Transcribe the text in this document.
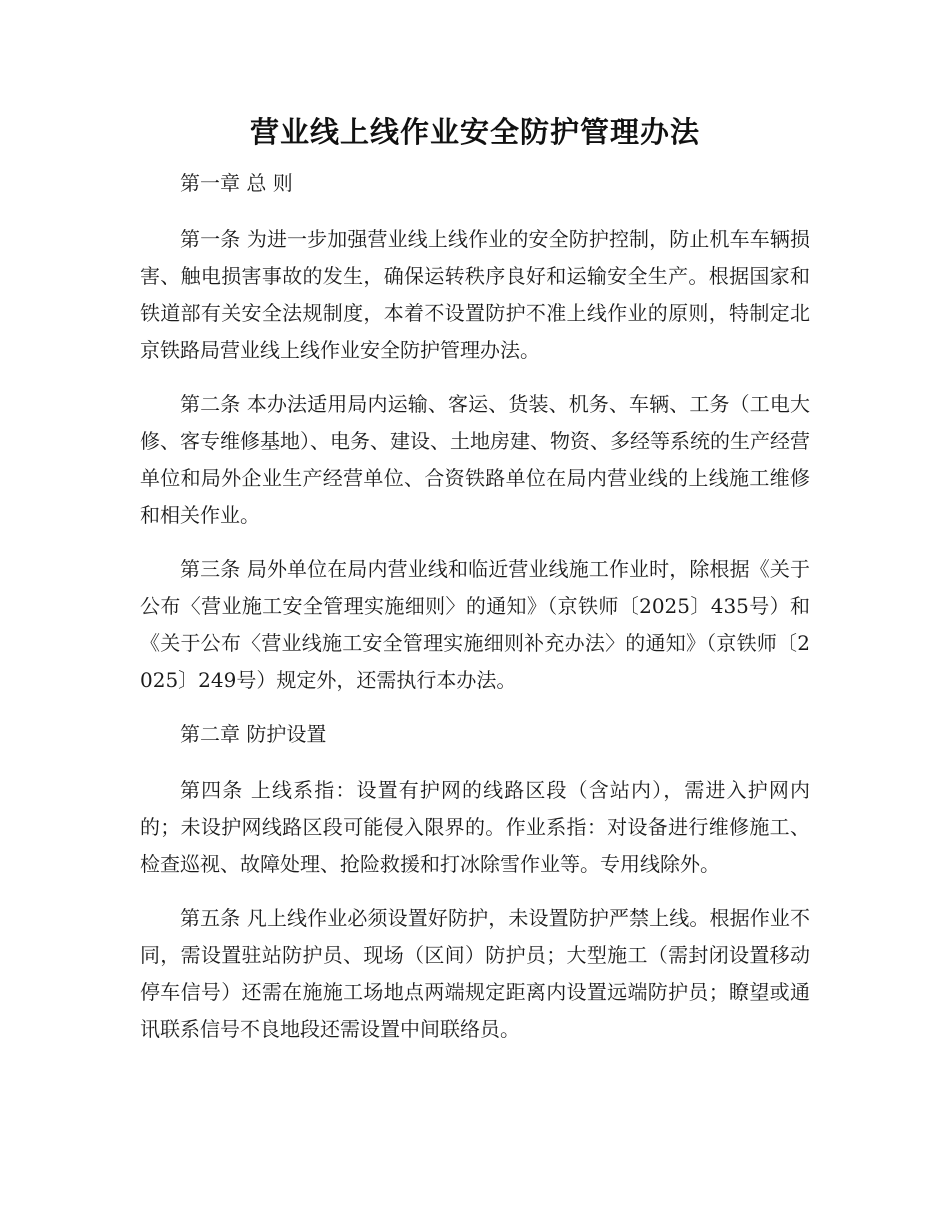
营业线上线作业安全防护管理办法

第一章 总 则

第一条 为进一步加强营业线上线作业的安全防护控制，防止机车车辆损害、触电损害事故的发生，确保运转秩序良好和运输安全生产。根据国家和铁道部有关安全法规制度，本着不设置防护不准上线作业的原则，特制定北京铁路局营业线上线作业安全防护管理办法。

第二条 本办法适用局内运输、客运、货装、机务、车辆、工务（工电大修、客专维修基地）、电务、建设、土地房建、物资、多经等系统的生产经营单位和局外企业生产经营单位、合资铁路单位在局内营业线的上线施工维修和相关作业。

第三条 局外单位在局内营业线和临近营业线施工作业时，除根据《关于公布〈营业施工安全管理实施细则〉的通知》（京铁师〔2025〕435号）和《关于公布〈营业线施工安全管理实施细则补充办法〉的通知》（京铁师〔2025〕249号）规定外，还需执行本办法。

第二章 防护设置

第四条 上线系指：设置有护网的线路区段（含站内），需进入护网内的；未设护网线路区段可能侵入限界的。作业系指：对设备进行维修施工、检查巡视、故障处理、抢险救援和打冰除雪作业等。专用线除外。

第五条 凡上线作业必须设置好防护，未设置防护严禁上线。根据作业不同，需设置驻站防护员、现场（区间）防护员；大型施工（需封闭设置移动停车信号）还需在施施工场地点两端规定距离内设置远端防护员；瞭望或通讯联系信号不良地段还需设置中间联络员。
